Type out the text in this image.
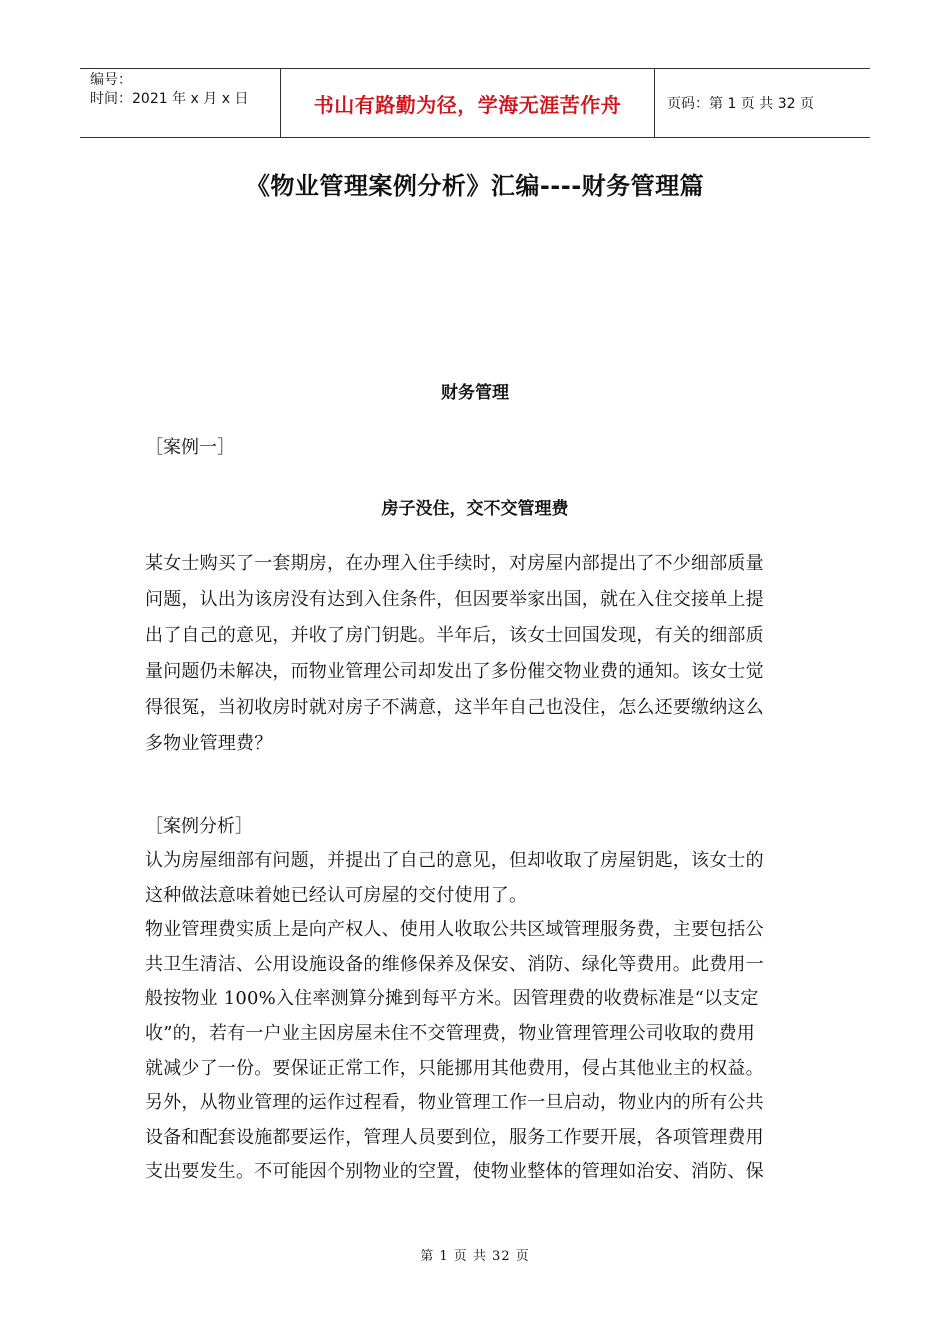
编号：
时间：2021 年 x 月 x 日	书山有路勤为径，学海无涯苦作舟	页码：第 1 页 共 32 页
《物业管理案例分析》汇编----财务管理篇
财务管理
［案例一］
房子没住，交不交管理费
某女士购买了一套期房，在办理入住手续时，对房屋内部提出了不少细部质量
问题，认出为该房没有达到入住条件，但因要举家出国，就在入住交接单上提
出了自己的意见，并收了房门钥匙。半年后，该女士回国发现，有关的细部质
量问题仍未解决，而物业管理公司却发出了多份催交物业费的通知。该女士觉
得很冤，当初收房时就对房子不满意，这半年自己也没住，怎么还要缴纳这么
多物业管理费？
［案例分析］
认为房屋细部有问题，并提出了自己的意见，但却收取了房屋钥匙，该女士的
这种做法意味着她已经认可房屋的交付使用了。
物业管理费实质上是向产权人、使用人收取公共区域管理服务费，主要包括公
共卫生清洁、公用设施设备的维修保养及保安、消防、绿化等费用。此费用一
般按物业 100%入住率测算分摊到每平方米。因管理费的收费标准是“以支定
收”的，若有一户业主因房屋未住不交管理费，物业管理管理公司收取的费用
就减少了一份。要保证正常工作，只能挪用其他费用，侵占其他业主的权益。
另外，从物业管理的运作过程看，物业管理工作一旦启动，物业内的所有公共
设备和配套设施都要运作，管理人员要到位，服务工作要开展，各项管理费用
支出要发生。不可能因个别物业的空置，使物业整体的管理如治安、消防、保
第 1 页 共 32 页
